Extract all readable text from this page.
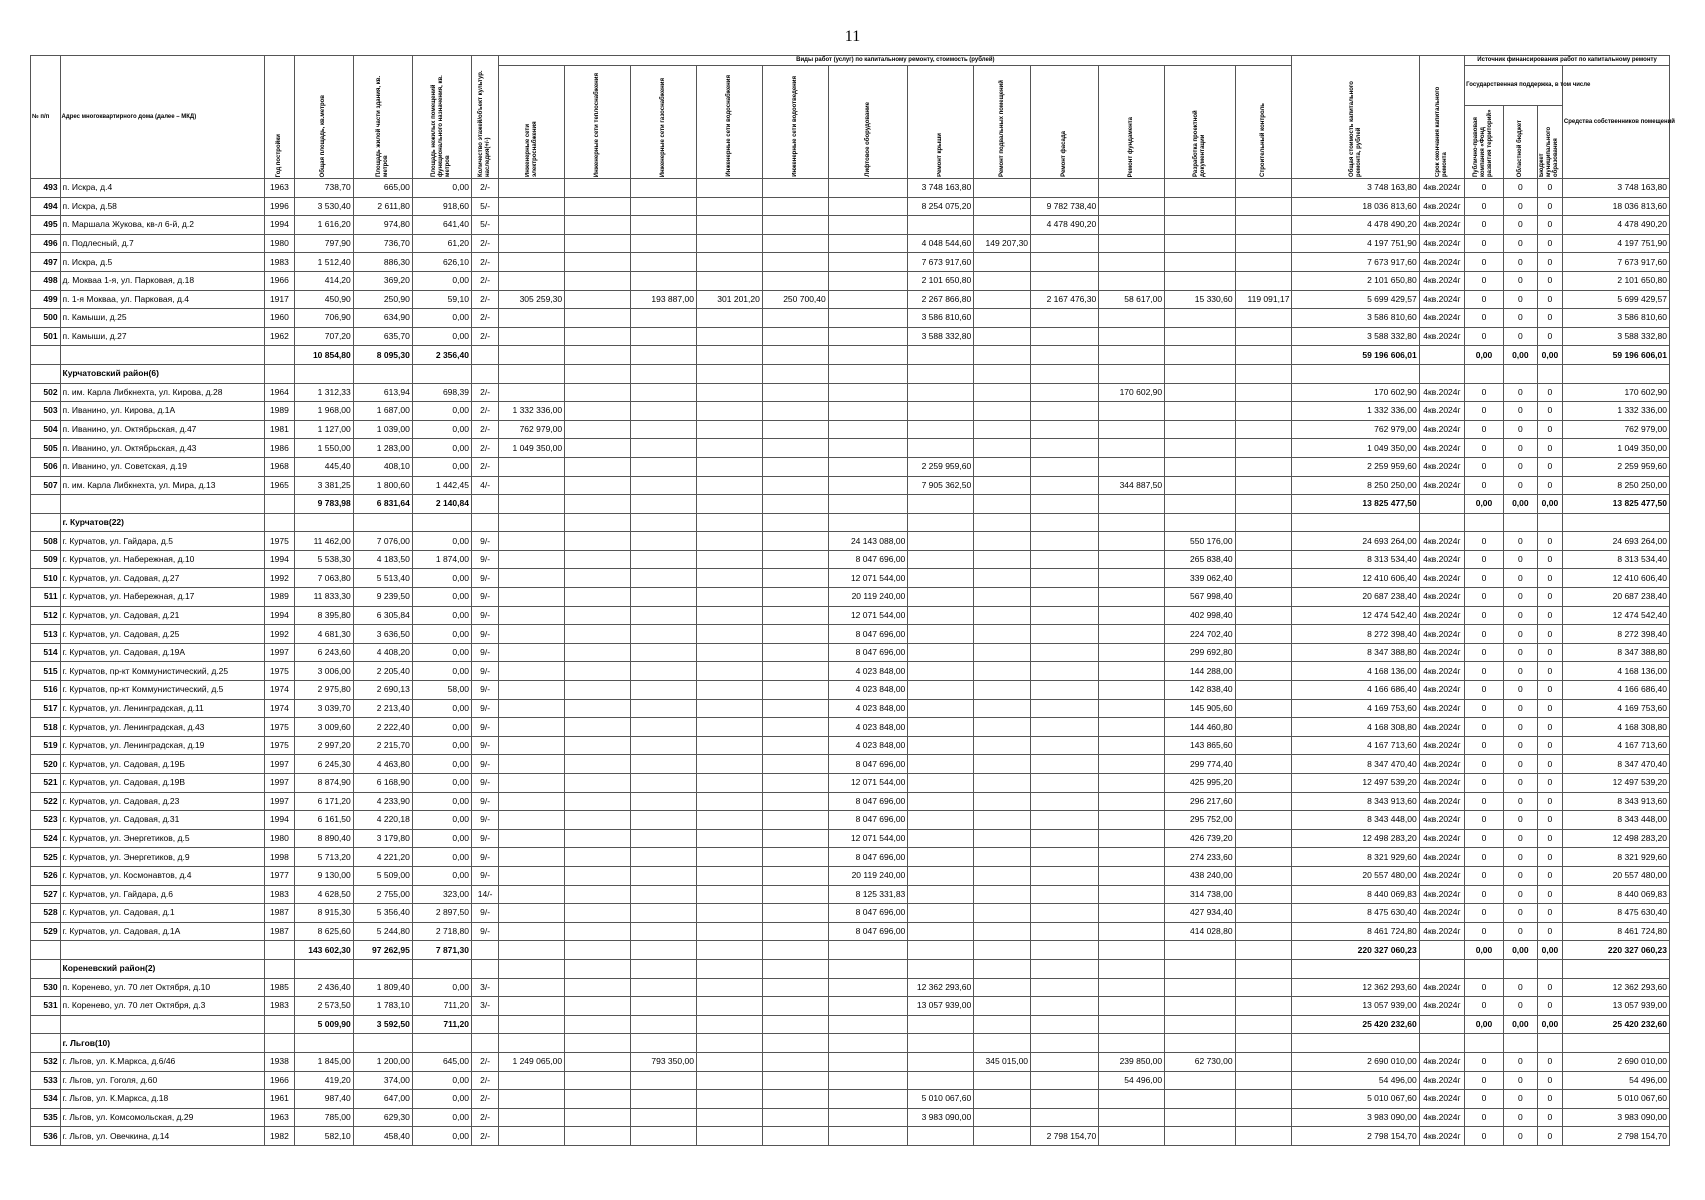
11
№ п/п	Адрес многоквартирного дома (далее – МКД)	Год постройки	Общая площадь, кв.метров	Площадь жилой части здания, кв. метров	Площадь нежилых помещений функционального назначения, кв. метров	Количество этажей/объект культур. наследия(+/-)	Виды работ (услуг) по капитальному ремонту, стоимость (рублей)												Общая стоимость капитального ремонта, рублей	Срок окончания капитального ремонта	Источник финансирования работ по капитальному ремонту			

							Инженерные сети электроснабжения	Инженерные сети теплоснабжения	Инженерные сети газоснабжения	Инженерные сети водоснабжения	Инженерные сети водоотведения	Лифтовое оборудование	Ремонт крыши	Ремонт подвальных помещений	Ремонт фасада	Ремонт фундамента	Разработка проектной документации	Строительный контроль			Государственная поддержка, в том числе			Средства собственников помещений

																					Публично-правовая компания «Фонд развития территорий»	Областной бюджет	Бюджет муниципального образования	

493	п. Искра, д.4	1963	738,70	665,00	0,00	2/-							3 748 163,80						3 748 163,80	4кв.2024г	0	0	0	3 748 163,80
494	п. Искра, д.58	1996	3 530,40	2 611,80	918,60	5/-							8 254 075,20		9 782 738,40				18 036 813,60	4кв.2024г	0	0	0	18 036 813,60
495	п. Маршала Жукова, кв-л 6-й, д.2	1994	1 616,20	974,80	641,40	5/-									4 478 490,20				4 478 490,20	4кв.2024г	0	0	0	4 478 490,20
496	п. Подлесный, д.7	1980	797,90	736,70	61,20	2/-							4 048 544,60	149 207,30					4 197 751,90	4кв.2024г	0	0	0	4 197 751,90
497	п. Искра, д.5	1983	1 512,40	886,30	626,10	2/-							7 673 917,60						7 673 917,60	4кв.2024г	0	0	0	7 673 917,60
498	д. Мокваа 1-я, ул. Парковая, д.18	1966	414,20	369,20	0,00	2/-							2 101 650,80						2 101 650,80	4кв.2024г	0	0	0	2 101 650,80
499	п. 1-я Мокваа, ул. Парковая, д.4	1917	450,90	250,90	59,10	2/-	305 259,30		193 887,00	301 201,20	250 700,40		2 267 866,80		2 167 476,30	58 617,00	15 330,60	119 091,17	5 699 429,57	4кв.2024г	0	0	0	5 699 429,57
500	п. Камыши, д.25	1960	706,90	634,90	0,00	2/-							3 586 810,60						3 586 810,60	4кв.2024г	0	0	0	3 586 810,60
501	п. Камыши, д.27	1962	707,20	635,70	0,00	2/-							3 588 332,80						3 588 332,80	4кв.2024г	0	0	0	3 588 332,80
			10 854,80	8 095,30	2 356,40														59 196 606,01		0,00	0,00	0,00	59 196 606,01
	Курчатовский район(6)																							
502	п. им. Карла Либкнехта, ул. Кирова, д.28	1964	1 312,33	613,94	698,39	2/-										170 602,90			170 602,90	4кв.2024г	0	0	0	170 602,90
503	п. Иванино, ул. Кирова, д.1А	1989	1 968,00	1 687,00	0,00	2/-	1 332 336,00												1 332 336,00	4кв.2024г	0	0	0	1 332 336,00
504	п. Иванино, ул. Октябрьская, д.47	1981	1 127,00	1 039,00	0,00	2/-	762 979,00												762 979,00	4кв.2024г	0	0	0	762 979,00
505	п. Иванино, ул. Октябрьская, д.43	1986	1 550,00	1 283,00	0,00	2/-	1 049 350,00												1 049 350,00	4кв.2024г	0	0	0	1 049 350,00
506	п. Иванино, ул. Советская, д.19	1968	445,40	408,10	0,00	2/-							2 259 959,60						2 259 959,60	4кв.2024г	0	0	0	2 259 959,60
507	п. им. Карла Либкнехта, ул. Мира, д.13	1965	3 381,25	1 800,60	1 442,45	4/-							7 905 362,50			344 887,50			8 250 250,00	4кв.2024г	0	0	0	8 250 250,00
			9 783,98	6 831,64	2 140,84														13 825 477,50		0,00	0,00	0,00	13 825 477,50
	г. Курчатов(22)																							
508	г. Курчатов, ул. Гайдара, д.5	1975	11 462,00	7 076,00	0,00	9/-						24 143 088,00					550 176,00		24 693 264,00	4кв.2024г	0	0	0	24 693 264,00
509	г. Курчатов, ул. Набережная, д.10	1994	5 538,30	4 183,50	1 874,00	9/-						8 047 696,00					265 838,40		8 313 534,40	4кв.2024г	0	0	0	8 313 534,40
510	г. Курчатов, ул. Садовая, д.27	1992	7 063,80	5 513,40	0,00	9/-						12 071 544,00					339 062,40		12 410 606,40	4кв.2024г	0	0	0	12 410 606,40
511	г. Курчатов, ул. Набережная, д.17	1989	11 833,30	9 239,50	0,00	9/-						20 119 240,00					567 998,40		20 687 238,40	4кв.2024г	0	0	0	20 687 238,40
512	г. Курчатов, ул. Садовая, д.21	1994	8 395,80	6 305,84	0,00	9/-						12 071 544,00					402 998,40		12 474 542,40	4кв.2024г	0	0	0	12 474 542,40
513	г. Курчатов, ул. Садовая, д.25	1992	4 681,30	3 636,50	0,00	9/-						8 047 696,00					224 702,40		8 272 398,40	4кв.2024г	0	0	0	8 272 398,40
514	г. Курчатов, ул. Садовая, д.19А	1997	6 243,60	4 408,20	0,00	9/-						8 047 696,00					299 692,80		8 347 388,80	4кв.2024г	0	0	0	8 347 388,80
515	г. Курчатов, пр-кт Коммунистический, д.25	1975	3 006,00	2 205,40	0,00	9/-						4 023 848,00					144 288,00		4 168 136,00	4кв.2024г	0	0	0	4 168 136,00
516	г. Курчатов, пр-кт Коммунистический, д.5	1974	2 975,80	2 690,13	58,00	9/-						4 023 848,00					142 838,40		4 166 686,40	4кв.2024г	0	0	0	4 166 686,40
517	г. Курчатов, ул. Ленинградская, д.11	1974	3 039,70	2 213,40	0,00	9/-						4 023 848,00					145 905,60		4 169 753,60	4кв.2024г	0	0	0	4 169 753,60
518	г. Курчатов, ул. Ленинградская, д.43	1975	3 009,60	2 222,40	0,00	9/-						4 023 848,00					144 460,80		4 168 308,80	4кв.2024г	0	0	0	4 168 308,80
519	г. Курчатов, ул. Ленинградская, д.19	1975	2 997,20	2 215,70	0,00	9/-						4 023 848,00					143 865,60		4 167 713,60	4кв.2024г	0	0	0	4 167 713,60
520	г. Курчатов, ул. Садовая, д.19Б	1997	6 245,30	4 463,80	0,00	9/-						8 047 696,00					299 774,40		8 347 470,40	4кв.2024г	0	0	0	8 347 470,40
521	г. Курчатов, ул. Садовая, д.19В	1997	8 874,90	6 168,90	0,00	9/-						12 071 544,00					425 995,20		12 497 539,20	4кв.2024г	0	0	0	12 497 539,20
522	г. Курчатов, ул. Садовая, д.23	1997	6 171,20	4 233,90	0,00	9/-						8 047 696,00					296 217,60		8 343 913,60	4кв.2024г	0	0	0	8 343 913,60
523	г. Курчатов, ул. Садовая, д.31	1994	6 161,50	4 220,18	0,00	9/-						8 047 696,00					295 752,00		8 343 448,00	4кв.2024г	0	0	0	8 343 448,00
524	г. Курчатов, ул. Энергетиков, д.5	1980	8 890,40	3 179,80	0,00	9/-						12 071 544,00					426 739,20		12 498 283,20	4кв.2024г	0	0	0	12 498 283,20
525	г. Курчатов, ул. Энергетиков, д.9	1998	5 713,20	4 221,20	0,00	9/-						8 047 696,00					274 233,60		8 321 929,60	4кв.2024г	0	0	0	8 321 929,60
526	г. Курчатов, ул. Космонавтов, д.4	1977	9 130,00	5 509,00	0,00	9/-						20 119 240,00					438 240,00		20 557 480,00	4кв.2024г	0	0	0	20 557 480,00
527	г. Курчатов, ул. Гайдара, д.6	1983	4 628,50	2 755,00	323,00	14/-						8 125 331,83					314 738,00		8 440 069,83	4кв.2024г	0	0	0	8 440 069,83
528	г. Курчатов, ул. Садовая, д.1	1987	8 915,30	5 356,40	2 897,50	9/-						8 047 696,00					427 934,40		8 475 630,40	4кв.2024г	0	0	0	8 475 630,40
529	г. Курчатов, ул. Садовая, д.1А	1987	8 625,60	5 244,80	2 718,80	9/-						8 047 696,00					414 028,80		8 461 724,80	4кв.2024г	0	0	0	8 461 724,80
			143 602,30	97 262,95	7 871,30														220 327 060,23		0,00	0,00	0,00	220 327 060,23
	Кореневский район(2)																							
530	п. Коренево, ул. 70 лет Октября, д.10	1985	2 436,40	1 809,40	0,00	3/-							12 362 293,60						12 362 293,60	4кв.2024г	0	0	0	12 362 293,60
531	п. Коренево, ул. 70 лет Октября, д.3	1983	2 573,50	1 783,10	711,20	3/-							13 057 939,00						13 057 939,00	4кв.2024г	0	0	0	13 057 939,00
			5 009,90	3 592,50	711,20														25 420 232,60		0,00	0,00	0,00	25 420 232,60
	г. Льгов(10)																							
532	г. Льгов, ул. К.Маркса, д.6/46	1938	1 845,00	1 200,00	645,00	2/-	1 249 065,00		793 350,00					345 015,00		239 850,00	62 730,00		2 690 010,00	4кв.2024г	0	0	0	2 690 010,00
533	г. Льгов, ул. Гоголя, д.60	1966	419,20	374,00	0,00	2/-										54 496,00			54 496,00	4кв.2024г	0	0	0	54 496,00
534	г. Льгов, ул. К.Маркса, д.18	1961	987,40	647,00	0,00	2/-							5 010 067,60						5 010 067,60	4кв.2024г	0	0	0	5 010 067,60
535	г. Льгов, ул. Комсомольская, д.29	1963	785,00	629,30	0,00	2/-							3 983 090,00						3 983 090,00	4кв.2024г	0	0	0	3 983 090,00
536	г. Льгов, ул. Овечкина, д.14	1982	582,10	458,40	0,00	2/-									2 798 154,70				2 798 154,70	4кв.2024г	0	0	0	2 798 154,70
